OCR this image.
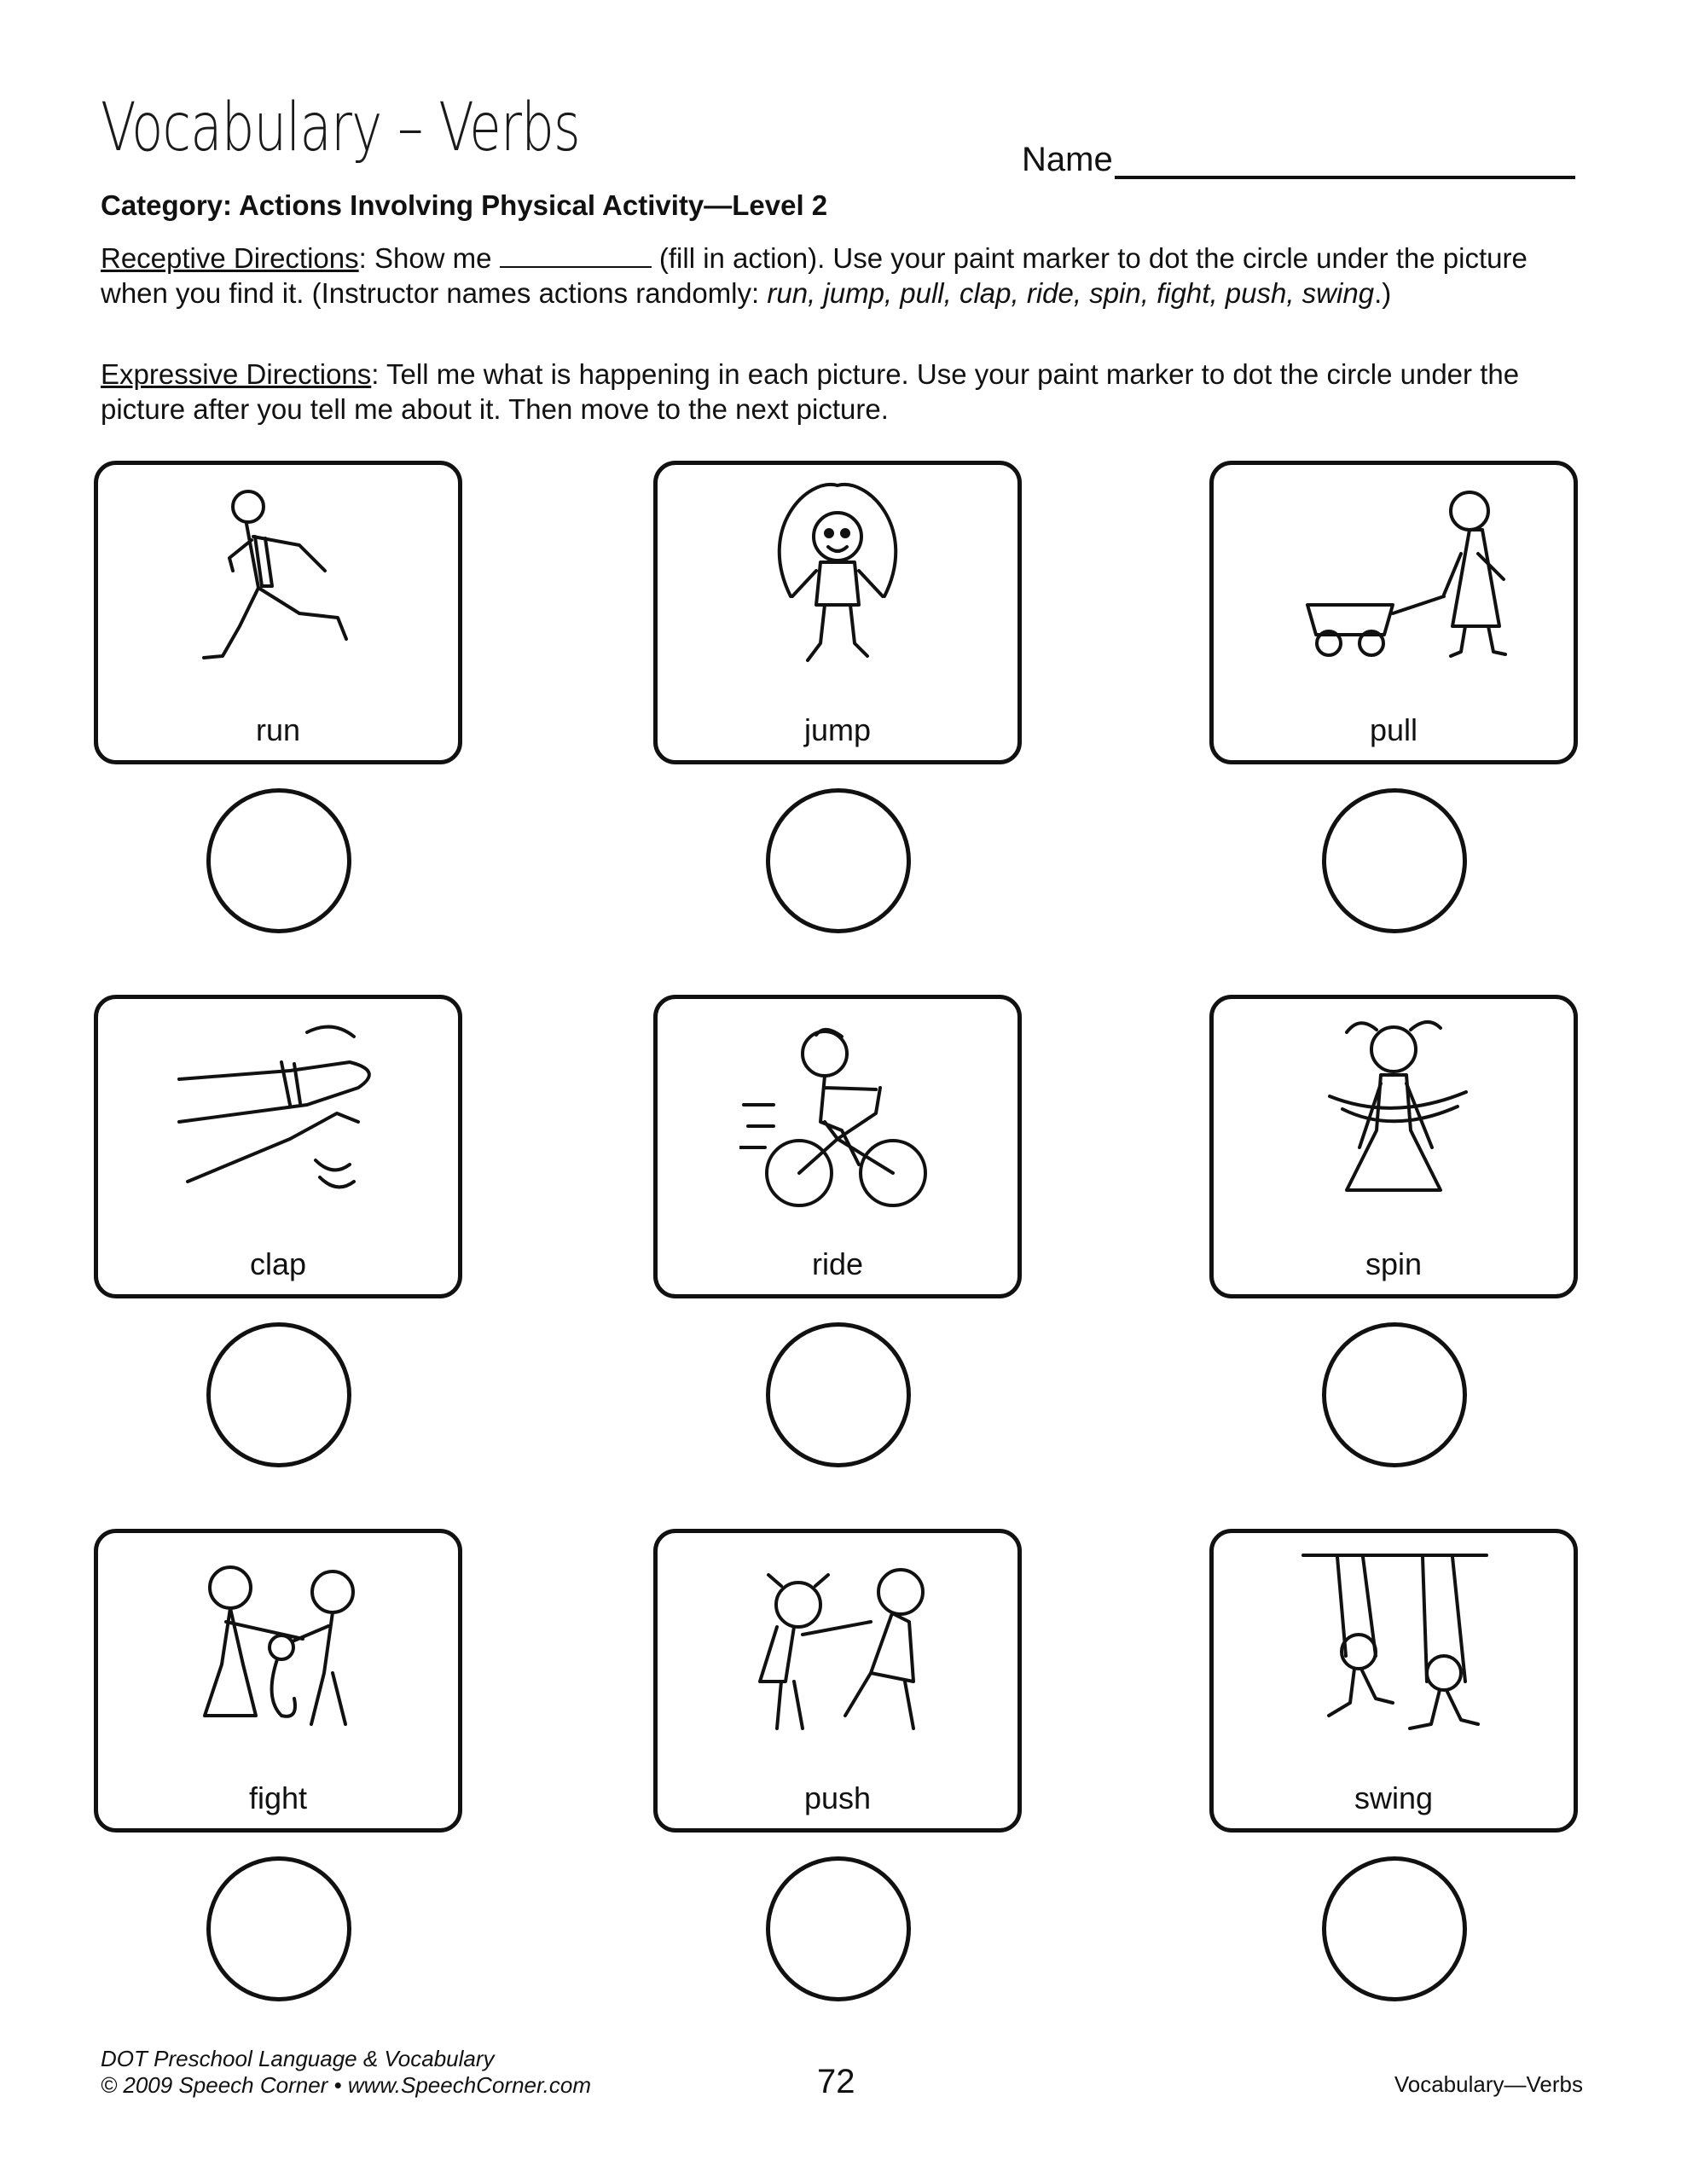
Vocabulary – Verbs	Name
Category: Actions Involving Physical Activity—Level 2
Receptive Directions: Show me	(fill in action). Use your paint marker to dot the circle under the picture when you find it. (Instructor names actions randomly: run, jump, pull, clap, ride, spin, fight, push, swing.)
Expressive Directions: Tell me what is happening in each picture. Use your paint marker to dot the circle under the picture after you tell me about it. Then move to the next picture.
run	jump	pull
clap	ride	spin
fight	push	swing
DOT Preschool Language & Vocabulary
© 2009 Speech Corner • www.SpeechCorner.com	72	Vocabulary—Verbs
